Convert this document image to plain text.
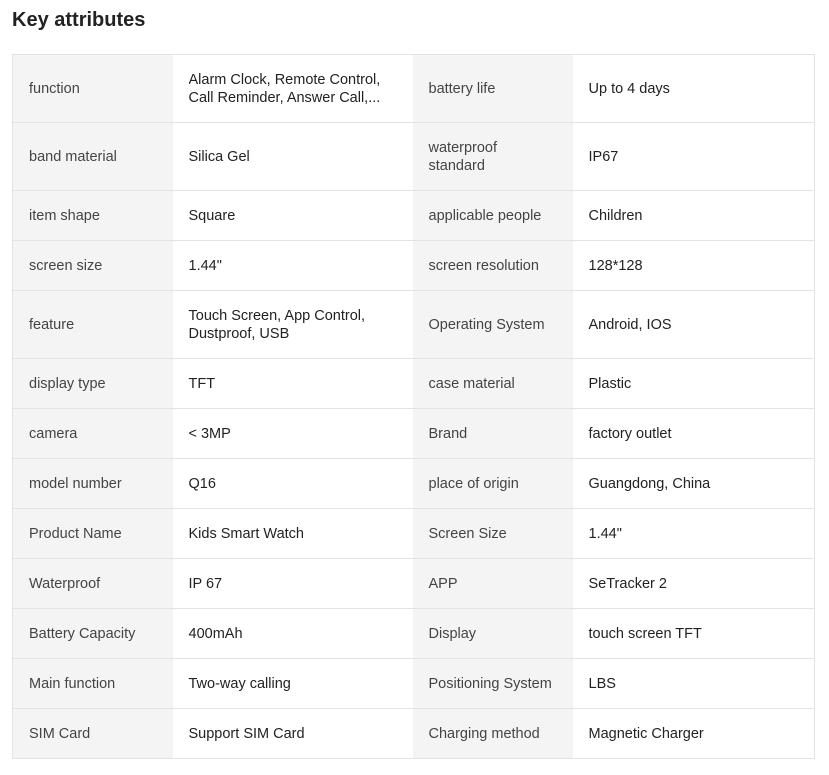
Key attributes
function	Alarm Clock, Remote Control, Call Reminder, Answer Call,...	battery life	Up to 4 days
band material	Silica Gel	waterproof standard	IP67
item shape	Square	applicable people	Children
screen size	1.44"	screen resolution	128*128
feature	Touch Screen, App Control, Dustproof, USB	Operating System	Android, IOS
display type	TFT	case material	Plastic
camera	< 3MP	Brand	factory outlet
model number	Q16	place of origin	Guangdong, China
Product Name	Kids Smart Watch	Screen Size	1.44"
Waterproof	IP 67	APP	SeTracker 2
Battery Capacity	400mAh	Display	touch screen TFT
Main function	Two-way calling	Positioning System	LBS
SIM Card	Support SIM Card	Charging method	Magnetic Charger
